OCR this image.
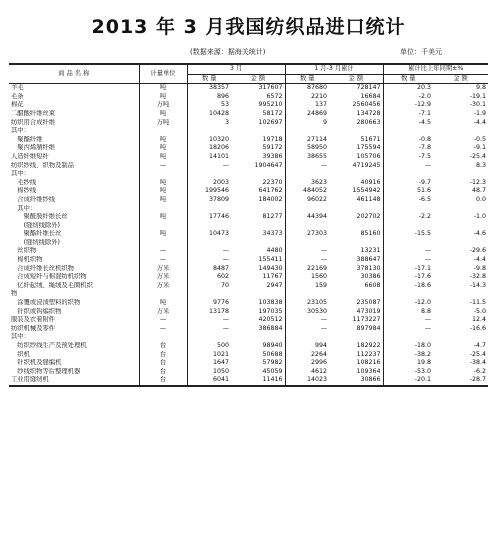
2013 年 3 月我国纺织品进口统计
(数据来源：据海关统计)	单位：千美元
商 品 名 称	计量单位	3 月		1 月-3 月累计		累计比上年同期±%	
		数 量	金 额	数 量	金 额	数 量	金 额
羊毛	吨	38357	317607	87680	728147	20.3	9.8
毛条	吨	896	6572	2210	16684	-2.0	-19.1
棉花	万吨	53	995210	137	2560456	-12.9	-30.1
二醋酸纤维丝束	吨	10428	58172	24869	134728	-7.1	-1.9
纺织用合成纤维	万吨	3	102697	9	280663	-4.5	-4.4
其中：							
　聚酯纤维	吨	10320	19718	27114	51671	-0.8	-0.5
　聚丙烯腈纤维	吨	18206	59172	58950	175594	-7.8	-9.1
人造纤维短纤	吨	14101	39386	38655	105706	-7.5	-25.4
纺织纱线、织物及制品	—	—	1904647	—	4719245	—	8.3
其中：							
　毛纱线	吨	2003	22370	3623	40916	-9.7	-12.3
　棉纱线	吨	199546	641762	484052	1554942	51.6	48.7
　合成纤维纱线	吨	37809	184002	96022	461148	-6.5	0.0
　其中：							
　　聚酰胺纤维长丝	吨	17746	81277	44394	202702	-2.2	-1.0
　　(缝纫线除外)							
　　聚酯纤维长丝	吨	10473	34373	27303	85160	-15.5	-4.6
　　(缝纫线除外)							
　丝织物	—	—	4480	—	13231	—	-29.6
　棉机织物	—	—	155411	—	388647	—	-4.4
　合成纤维长丝机织物	万米	8487	149430	22169	378130	-17.1	-9.8
　合成短纤与棉混纺机织物	万米	602	11767	1560	30386	-17.6	-32.8
　亿纤起绒、绳绒及毛圈机织	万米	70	2947	159	6608	-18.6	-14.3
物							
　涂覆或浸渍塑料的织物	吨	9776	103838	23105	235087	-12.0	-11.5
　针织或钩编织物	万米	13178	197035	30530	473019	8.8	-5.0
服装及衣着附件	—	—	420512	—	1173227	—	12.4
纺织机械及零件	—	—	386884	—	897984	—	-16.6
其中：							
　纺织纱线生产及预处理机	台	500	98940	994	182922	-18.0	-4.7
　织机	台	1021	50688	2264	112237	-38.2	-25.4
　针织机及缝编机	台	1647	57982	2996	108216	19.8	-38.4
　纱线织物等后整理机器	台	1050	45059	4612	109364	-53.0	-6.2
工业用缝纫机	台	6041	11416	14023	30866	-20.1	-28.7
